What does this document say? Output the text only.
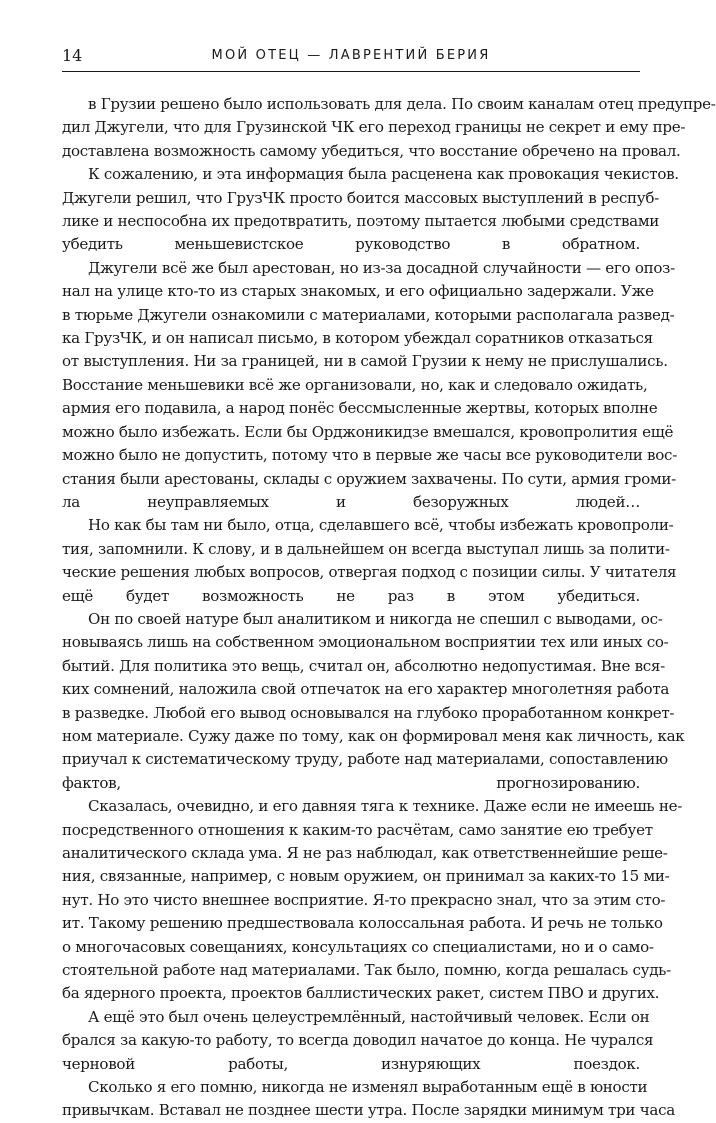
14	МОЙ ОТЕЦ — ЛАВРЕНТИЙ БЕРИЯ
в Грузии решено было использовать для дела. По своим каналам отец предупре-
дил Джугели, что для Грузинской ЧК его переход границы не секрет и ему пре-
доставлена возможность самому убедиться, что восстание обречено на провал.
К сожалению, и эта информация была расценена как провокация чекистов.
Джугели решил, что ГрузЧК просто боится массовых выступлений в респуб-
лике и неспособна их предотвратить, поэтому пытается любыми средствами
убедить меньшевистское руководство в обратном.
Джугели всё же был арестован, но из-за досадной случайности — его опоз-
нал на улице кто-то из старых знакомых, и его официально задержали. Уже
в тюрьме Джугели ознакомили с материалами, которыми располагала развед-
ка ГрузЧК, и он написал письмо, в котором убеждал соратников отказаться
от выступления. Ни за границей, ни в самой Грузии к нему не прислушались.
Восстание меньшевики всё же организовали, но, как и следовало ожидать,
армия его подавила, а народ понёс бессмысленные жертвы, которых вполне
можно было избежать. Если бы Орджоникидзе вмешался, кровопролития ещё
можно было не допустить, потому что в первые же часы все руководители вос-
стания были арестованы, склады с оружием захвачены. По сути, армия громи-
ла неуправляемых и безоружных людей…
Но как бы там ни было, отца, сделавшего всё, чтобы избежать кровопроли-
тия, запомнили. К слову, и в дальнейшем он всегда выступал лишь за полити-
ческие решения любых вопросов, отвергая подход с позиции силы. У читателя
ещё будет возможность не раз в этом убедиться.
Он по своей натуре был аналитиком и никогда не спешил с выводами, ос-
новываясь лишь на собственном эмоциональном восприятии тех или иных со-
бытий. Для политика это вещь, считал он, абсолютно недопустимая. Вне вся-
ких сомнений, наложила свой отпечаток на его характер многолетняя работа
в разведке. Любой его вывод основывался на глубоко проработанном конкрет-
ном материале. Сужу даже по тому, как он формировал меня как личность, как
приучал к систематическому труду, работе над материалами, сопоставлению
фактов, прогнозированию.
Сказалась, очевидно, и его давняя тяга к технике. Даже если не имеешь не-
посредственного отношения к каким-то расчётам, само занятие ею требует
аналитического склада ума. Я не раз наблюдал, как ответственнейшие реше-
ния, связанные, например, с новым оружием, он принимал за каких-то 15 ми-
нут. Но это чисто внешнее восприятие. Я-то прекрасно знал, что за этим сто-
ит. Такому решению предшествовала колоссальная работа. И речь не только
о многочасовых совещаниях, консультациях со специалистами, но и о само-
стоятельной работе над материалами. Так было, помню, когда решалась судь-
ба ядерного проекта, проектов баллистических ракет, систем ПВО и других.
А ещё это был очень целеустремлённый, настойчивый человек. Если он
брался за какую-то работу, то всегда доводил начатое до конца. Не чурался
черновой работы, изнуряющих поездок.
Сколько я его помню, никогда не изменял выработанным ещё в юности
привычкам. Вставал не позднее шести утра. После зарядки минимум три часа
